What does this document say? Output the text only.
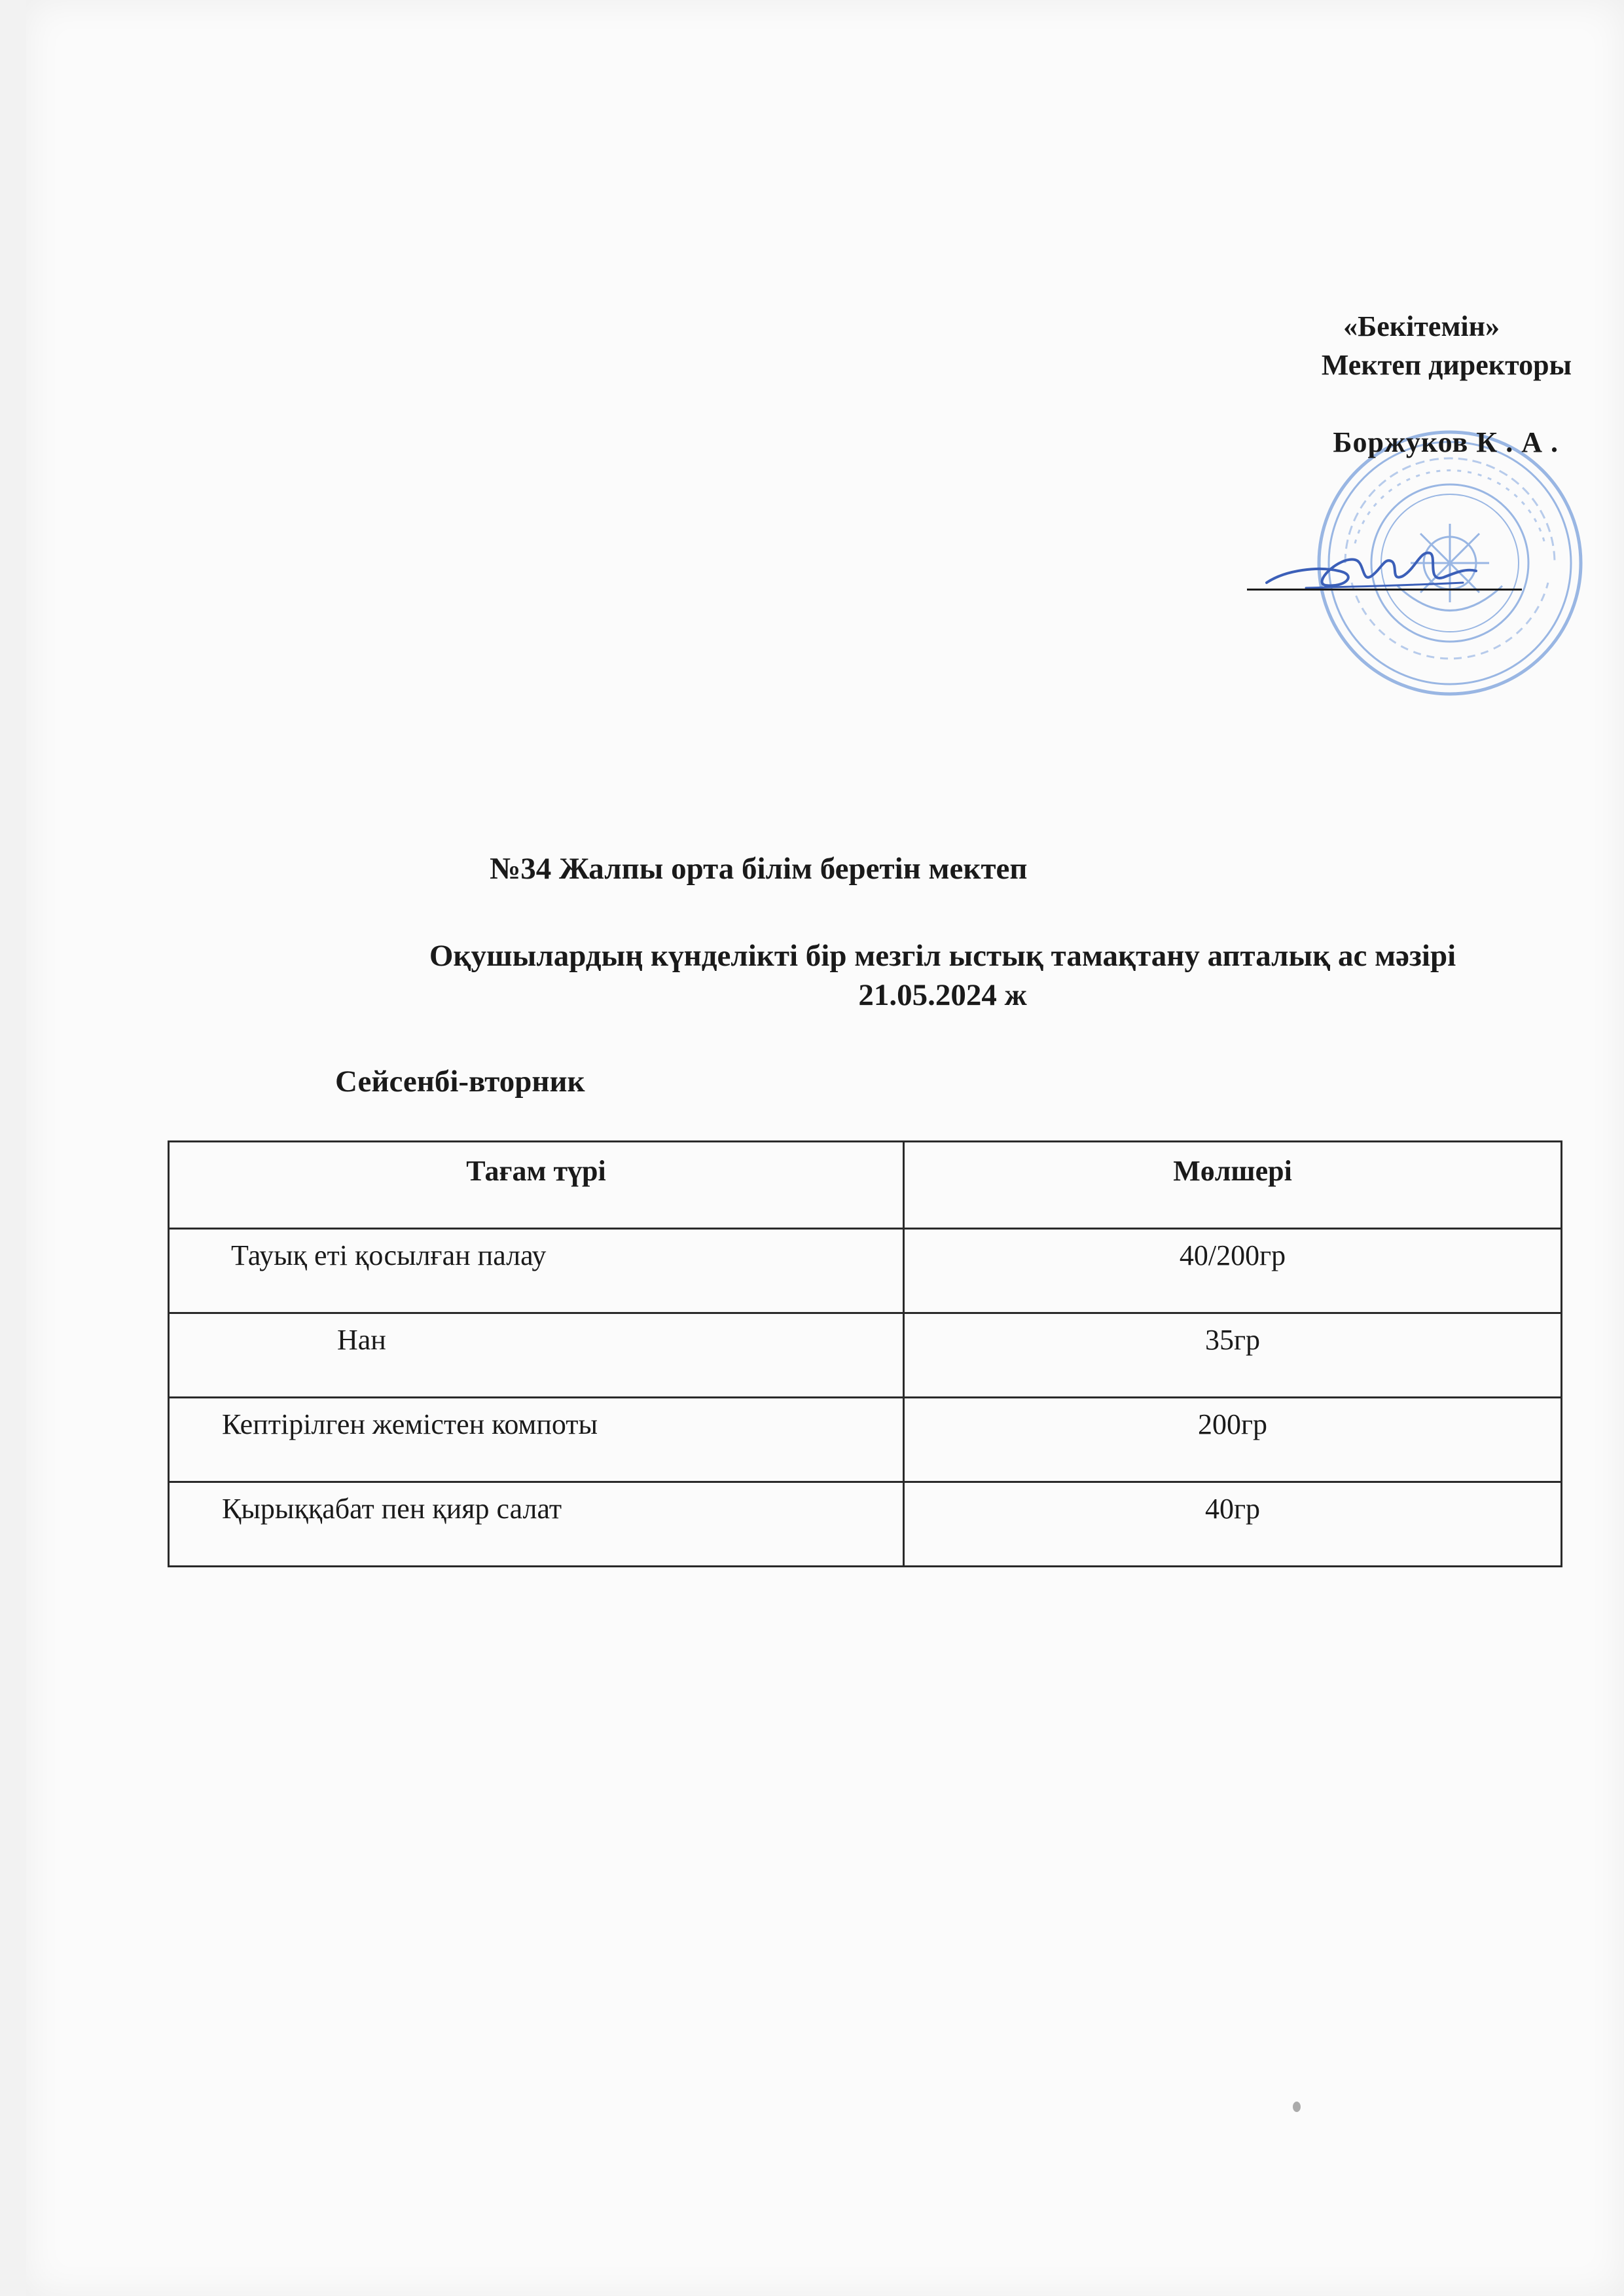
«Бекітемін»
Мектеп директоры
Боржуков К . А .
№34 Жалпы орта білім беретін мектеп
Оқушылардың күнделікті бір мезгіл ыстық тамақтану апталық ас мәзірі
21.05.2024 ж
Сейсенбі-вторник
Тағам түрі	Мөлшері
Тауық еті қосылған палау	40/200гр
Нан	35гр
Кептірілген жемістен компоты	200гр
Қырыққабат пен қияр салат	40гр
